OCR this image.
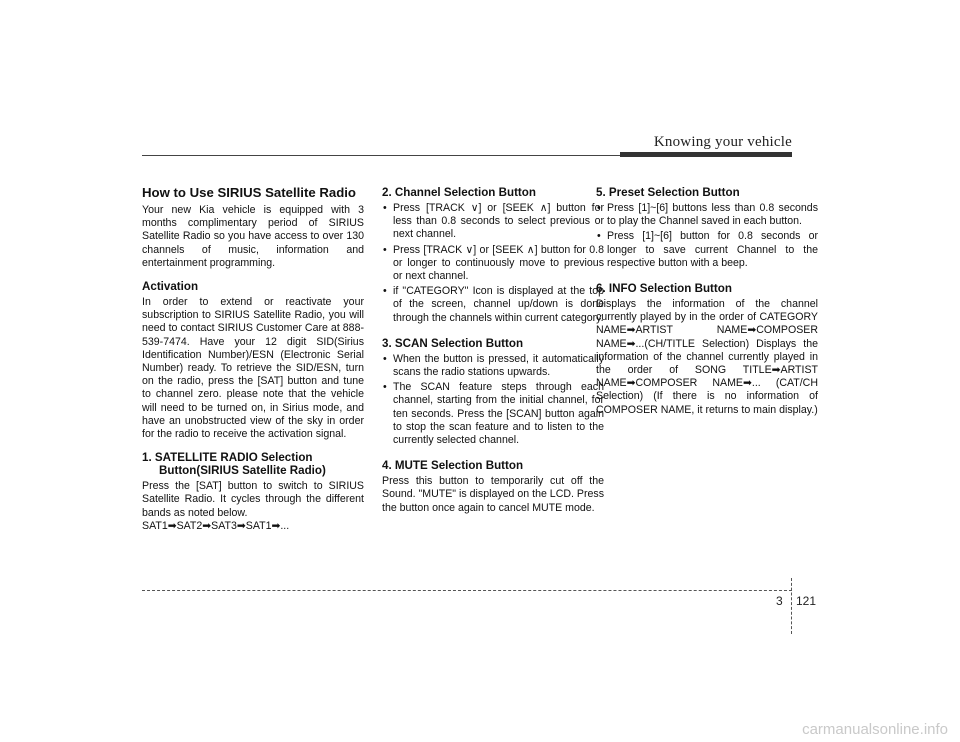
Knowing your vehicle
How to Use SIRIUS Satellite Radio

Your new Kia vehicle is equipped with 3 months complimentary period of SIRIUS Satellite Radio so you have access to over 130 channels of music, information and entertainment programming.

Activation

In order to extend or reactivate your subscription to SIRIUS Satellite Radio, you will need to contact SIRIUS Customer Care at 888-539-7474. Have your 12 digit SID(Sirius Identification Number)/ESN (Electronic Serial Number) ready. To retrieve the SID/ESN, turn on the radio, press the [SAT] button and tune to channel zero. please note that the vehicle will need to be turned on, in Sirius mode, and have an unobstructed view of the sky in order for the radio to receive the activation signal.

1. SATELLITE RADIO Selection Button(SIRIUS Satellite Radio)

Press the [SAT] button to switch to SIRIUS Satellite Radio. It cycles through the different bands as noted below.

SAT1➡SAT2➡SAT3➡SAT1➡...

2. Channel Selection Button
• Press [TRACK ∨] or [SEEK ∧] button for less than 0.8 seconds to select previous or next channel.
• Press [TRACK ∨] or [SEEK ∧] button for 0.8 or longer to continuously move to previous or next channel.
• if "CATEGORY" Icon is displayed at the top of the screen, channel up/down is done through the channels within current category.
3. SCAN Selection Button
• When the button is pressed, it automatically scans the radio stations upwards.
• The SCAN feature steps through each channel, starting from the initial channel, for ten seconds. Press the [SCAN] button again to stop the scan feature and to listen to the currently selected channel.
4. MUTE Selection Button

Press this button to temporarily cut off the Sound. "MUTE" is displayed on the LCD. Press the button once again to cancel MUTE mode.

5. Preset Selection Button
• Press [1]~[6] buttons less than 0.8 seconds to play the Channel saved in each button.
• Press [1]~[6] button for 0.8 seconds or longer to save current Channel to the respective button with a beep.
6. INFO Selection Button

Displays the information of the channel currently played by in the order of CATEGORY NAME➡ARTIST NAME➡COMPOSER NAME➡...(CH/TITLE Selection) Displays the information of the channel currently played in the order of SONG TITLE➡ARTIST NAME➡COMPOSER NAME➡... (CAT/CH Selection) (If there is no information of COMPOSER NAME, it returns to main display.)

3 121
carmanualsonline.info
